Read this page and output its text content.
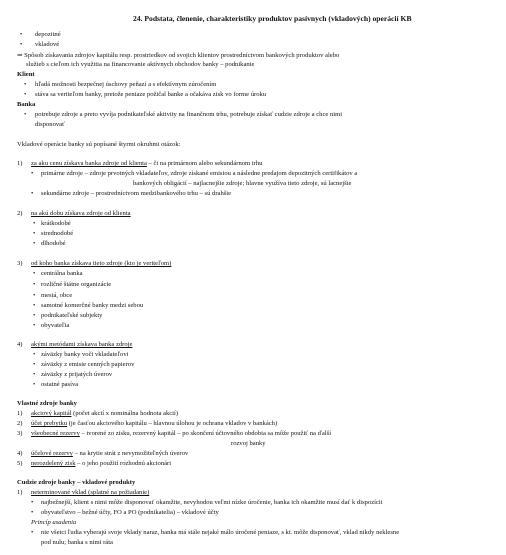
24. Podstata, členenie, charakteristiky produktov pasívnych (vkladových) operácií KB
• depozitné
• vkladové
⇒ Spôsob získavania zdrojov kapitálu resp. prostriedkov od svojich klientov prostredníctvom bankových produktov alebo
služieb s cieľom ich využitia na financovanie aktívnych obchodov banky – podnikanie
Klient
• hľadá možnosti bezpečnej úschovy peňazí a s efektívnym zúročením
• stáva sa veriteľom banky, pretože peniaze požičal banke a očakáva zisk vo forme úroku
Banka
• potrebuje zdroje a preto vyvíja podnikateľské aktivity na finančnom trhu, potrebuje získať cudzie zdroje a chce nimi
disponovať
Vkladové operácie banky sú popísané štyrmi okruhmi otázok:
1) za aku cenu získava banka zdroje od klienta – či na primárnom alebo sekundárnom trhu
• primárne zdroje – zdroje prvotných vkladateľov, zdroje získané emisiou a následne predajom depozitných certifikátov a
bankových obligácií – najlacnejšie zdroje; hlavne využíva tieto zdroje, sú lacnejšie
• sekundárne zdroje – prostredníctvom medzibankového trhu – sú drahšie
2) na akú dobu získava zdroje od klienta
• krátkodobé
• strednodobé
• dlhodobé
3) od koho banka získava tieto zdroje (kto je veriteľom)
• centrálna banka
• rozličné štátne organizácie
• mestá, obce
• samotné komerčné banky medzi sebou
• podnikateľské subjekty
• obyvateľia
4) akými metódami získava banka zdroje
• záväzky banky voči vkladateľovi
• záväzky z emisie cenných papierov
• záväzky z prijatých úverov
• ostatné pasíva
Vlastné zdroje banky
1) akciový kapitál (počet akcií x nominálna hodnota akcií)
2) účet prebytku (je časťou akciového kapitálu – hlavnou úlohou je ochrana vkladov v bankách)
3) všeobecné rezervy – tvorené zo zisku, rezervný kapitál – po skončení účtovného obdobia sa môže použiť na ďalší
rozvoj banky
4) účelové rezervy – na krytie strát z nevymožiteľných úverov
5) nerozdelený zisk – o jeho použití rozhodnú akcionári
Cudzie zdroje banky – vkladové produkty
1) neterminované vklad (splatné na požiadanie)
• najbežnejší, klient s nimi môže disponovať okamžite, nevyhodou veľmi nízke úročenie, banka ich okamžite musí dať k dispozícii
• obyvateľstvo – bežné účty, FO a PO (podnikatelia) – vkladové účty
Princíp usadenia
• nie všetci ľudia vyberajú svoje vklady naraz, banka má stále nejaké málo úročené peniaze, s kt. môže disponovať, vklad nikdy neklesne
pod nulu; banka s nimi ráta
